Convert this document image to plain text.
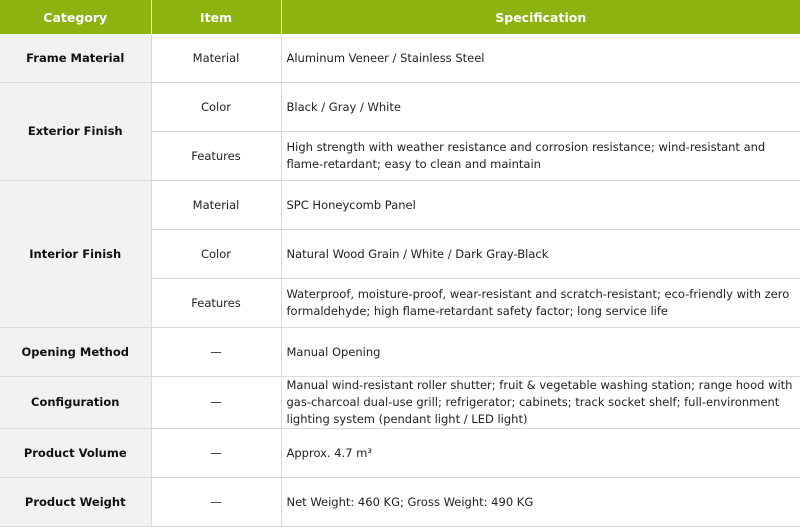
Category	Item	Specification
Frame Material	Material	Aluminum Veneer / Stainless Steel
Exterior Finish	Color	Black / Gray / White
	Features	High strength with weather resistance and corrosion resistance; wind-resistant and flame-retardant; easy to clean and maintain
Interior Finish	Material	SPC Honeycomb Panel
	Color	Natural Wood Grain / White / Dark Gray-Black
	Features	Waterproof, moisture-proof, wear-resistant and scratch-resistant; eco-friendly with zero formaldehyde; high flame-retardant safety factor; long service life
Opening Method	—	Manual Opening
Configuration	—	Manual wind-resistant roller shutter; fruit & vegetable washing station; range hood with gas-charcoal dual-use grill; refrigerator; cabinets; track socket shelf; full-environment lighting system (pendant light / LED light)
Product Volume	—	Approx. 4.7 m³
Product Weight	—	Net Weight: 460 KG; Gross Weight: 490 KG
